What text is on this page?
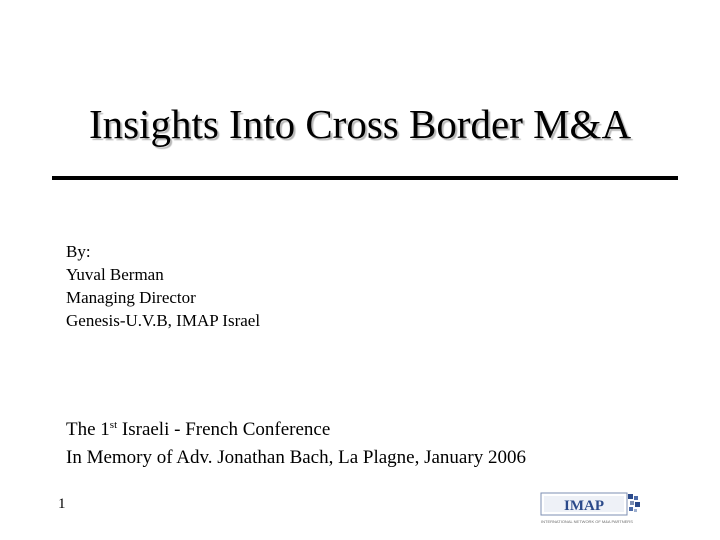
Insights Into Cross Border M&A
By:
Yuval Berman
Managing Director
Genesis-U.V.B, IMAP Israel
The 1st Israeli - French Conference
In Memory of Adv. Jonathan Bach, La Plagne, January 2006
1	IMAP
INTERNATIONAL NETWORK OF M&A PARTNERS
